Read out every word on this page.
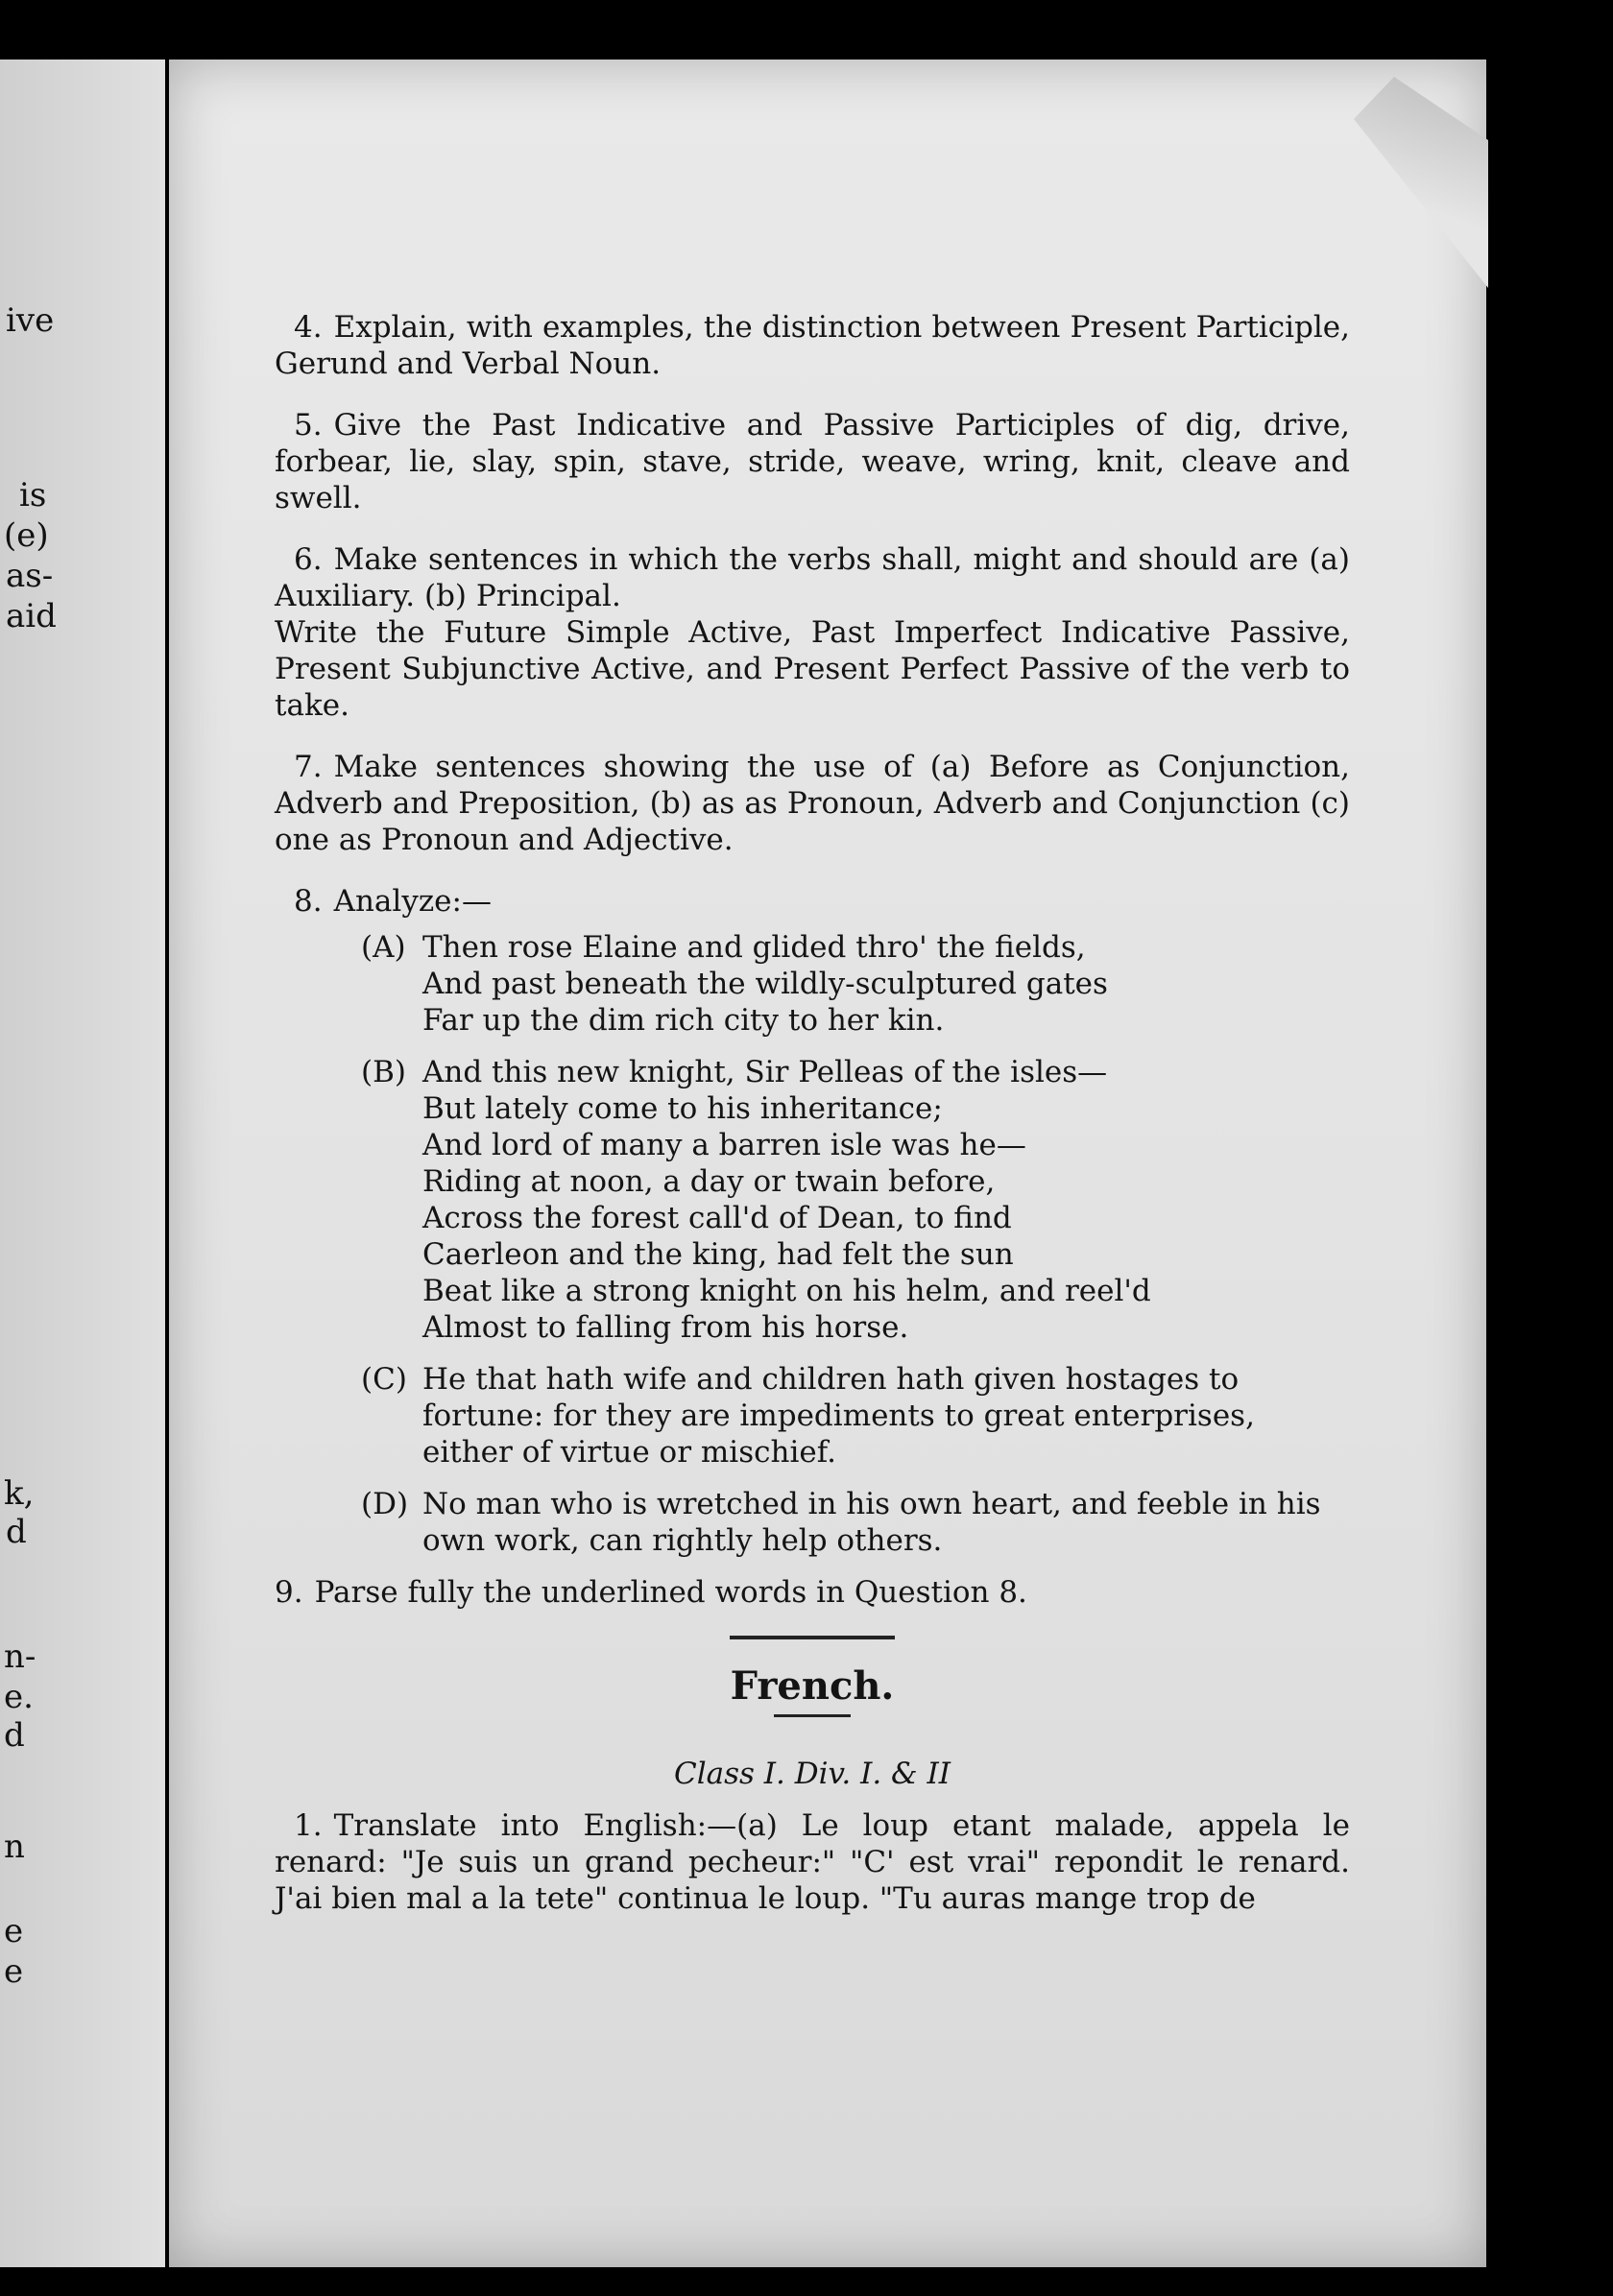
ive
is
(e)
as-
aid
k,
d
n-
e.
d
n
e
e

4. Explain, with examples, the distinction between Present Participle, Gerund and Verbal Noun.

5. Give the Past Indicative and Passive Participles of dig, drive, forbear, lie, slay, spin, stave, stride, weave, wring, knit, cleave and swell.

6. Make sentences in which the verbs shall, might and should are (a) Auxiliary. (b) Principal.
Write the Future Simple Active, Past Imperfect Indicative Passive, Present Subjunctive Active, and Present Perfect Passive of the verb to take.

7. Make sentences showing the use of (a) Before as Conjunction, Adverb and Preposition, (b) as as Pronoun, Adverb and Conjunction (c) one as Pronoun and Adjective.

8. Analyze:—

(A) Then rose Elaine and glided thro' the fields,
And past beneath the wildly-sculptured gates
Far up the dim rich city to her kin.
(B) And this new knight, Sir Pelleas of the isles—
But lately come to his inheritance;
And lord of many a barren isle was he—
Riding at noon, a day or twain before,
Across the forest call'd of Dean, to find
Caerleon and the king, had felt the sun
Beat like a strong knight on his helm, and reel'd
Almost to falling from his horse.
(C) He that hath wife and children hath given hostages to fortune: for they are impediments to great enterprises, either of virtue or mischief.
(D) No man who is wretched in his own heart, and feeble in his own work, can rightly help others.

9. Parse fully the underlined words in Question 8.

French.

Class I. Div. I. & II

1. Translate into English:—(a) Le loup etant malade, appela le renard: "Je suis un grand pecheur:" "C' est vrai" repondit le renard. J'ai bien mal a la tete" continua le loup. "Tu auras mange trop de
